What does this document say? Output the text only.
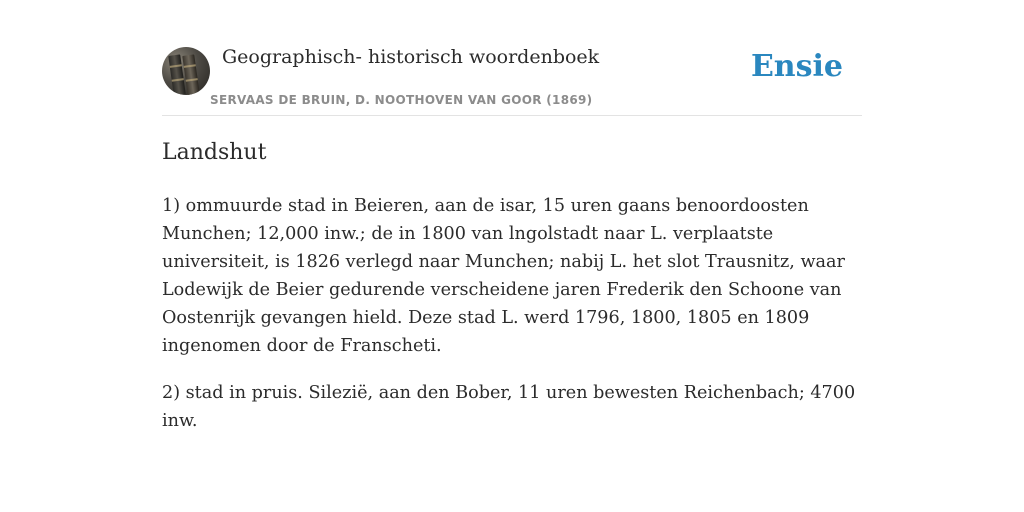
Geographisch- historisch woordenboek
SERVAAS DE BRUIN, D. NOOTHOVEN VAN GOOR (1869)
Ensie
Landshut

1) ommuurde stad in Beieren, aan de isar, 15 uren gaans benoordoosten Munchen; 12,000 inw.; de in 1800 van lngolstadt naar L. verplaatste universiteit, is 1826 verlegd naar Munchen; nabij L. het slot Trausnitz, waar Lodewijk de Beier gedurende verscheidene jaren Frederik den Schoone van Oostenrijk gevangen hield. Deze stad L. werd 1796, 1800, 1805 en 1809 ingenomen door de Franscheti.

2) stad in pruis. Silezië, aan den Bober, 11 uren bewesten Reichenbach; 4700 inw.
